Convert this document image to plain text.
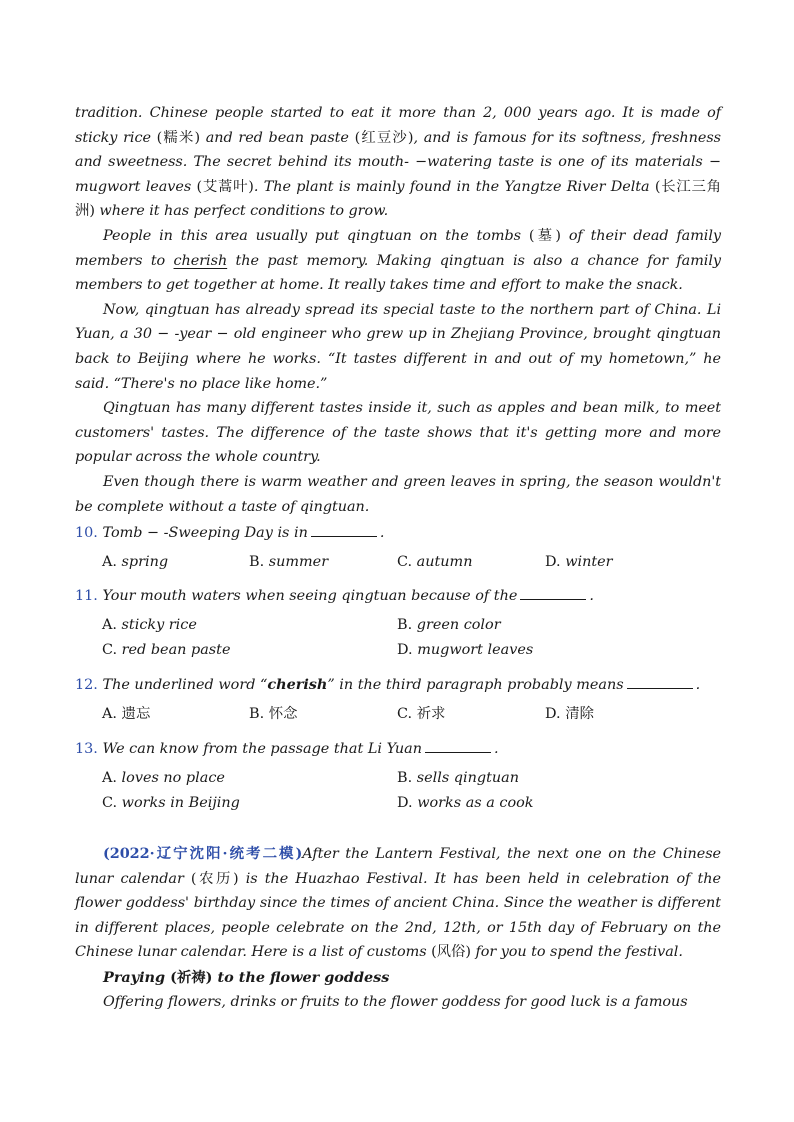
tradition. Chinese people started to eat it more than 2, 000 years ago. It is made of sticky rice (糯米) and red bean paste (红豆沙), and is famous for its softness, freshness and sweetness. The secret behind its mouth- −watering taste is one of its materials − mugwort leaves (艾蒿叶). The plant is mainly found in the Yangtze River Delta (长江三角洲) where it has perfect conditions to grow.

People in this area usually put qingtuan on the tombs (墓) of their dead family members to cherish the past memory. Making qingtuan is also a chance for family members to get together at home. It really takes time and effort to make the snack.

Now, qingtuan has already spread its special taste to the northern part of China. Li Yuan, a 30 − -year − old engineer who grew up in Zhejiang Province, brought qingtuan back to Beijing where he works. “It tastes different in and out of my hometown,” he said. “There's no place like home.”

Qingtuan has many different tastes inside it, such as apples and bean milk, to meet customers' tastes. The difference of the taste shows that it's getting more and more popular across the whole country.

Even though there is warm weather and green leaves in spring, the season wouldn't be complete without a taste of qingtuan.

10. Tomb − -Sweeping Day is in	.

A. spring	B. summer	C. autumn	D. winter

11. Your mouth waters when seeing qingtuan because of the	.

A. sticky rice	B. green color
C. red bean paste	D. mugwort leaves

12. The underlined word “cherish” in the third paragraph probably means	.

A. 遗忘	B. 怀念	C. 祈求	D. 清除

13. We can know from the passage that Li Yuan	.

A. loves no place	B. sells qingtuan
C. works in Beijing	D. works as a cook

(2022·辽宁沈阳·统考二模)After the Lantern Festival, the next one on the Chinese lunar calendar (农历) is the Huazhao Festival. It has been held in celebration of the flower goddess' birthday since the times of ancient China. Since the weather is different in different places, people celebrate on the 2nd, 12th, or 15th day of February on the Chinese lunar calendar. Here is a list of customs (风俗) for you to spend the festival.

Praying (祈祷) to the flower goddess

Offering flowers, drinks or fruits to the flower goddess for good luck is a famous
